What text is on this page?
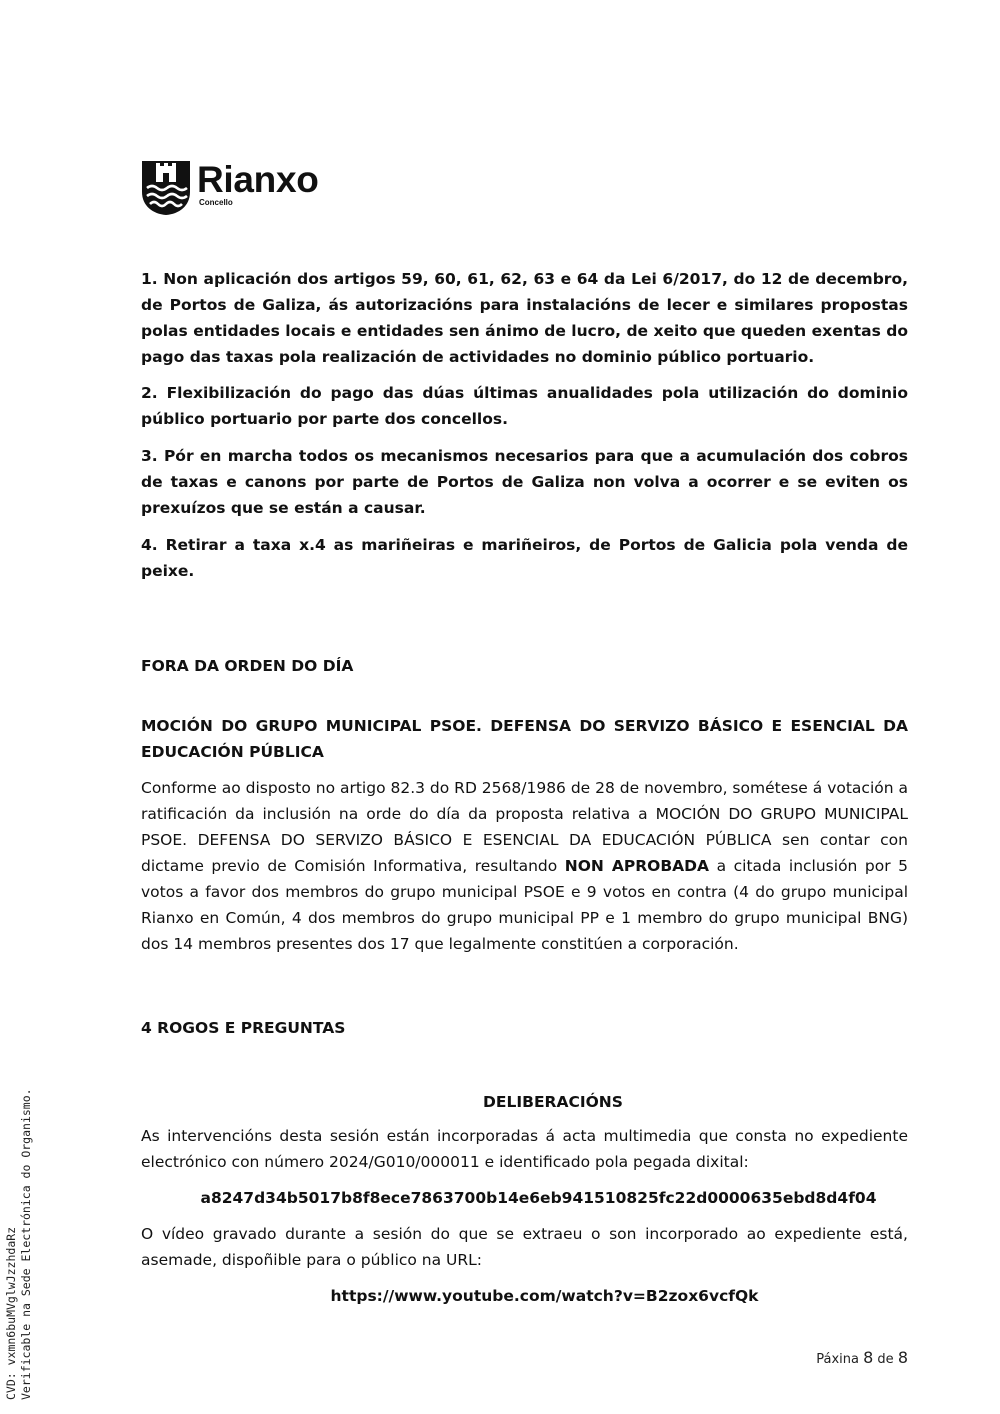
Rianxo
Concello

1. Non aplicación dos artigos 59, 60, 61, 62, 63 e 64 da Lei 6/2017, do 12 de decembro, de Portos de Galiza, ás autorizacións para instalacións de lecer e similares propostas polas entidades locais e entidades sen ánimo de lucro, de xeito que queden exentas do pago das taxas pola realización de actividades no dominio público portuario.

2. Flexibilización do pago das dúas últimas anualidades pola utilización do dominio público portuario por parte dos concellos.

3. Pór en marcha todos os mecanismos necesarios para que a acumulación dos cobros de taxas e canons por parte de Portos de Galiza non volva a ocorrer e se eviten os prexuízos que se están a causar.

4. Retirar a taxa x.4 as mariñeiras e mariñeiros, de Portos de Galicia pola venda de peixe.

FORA DA ORDEN DO DÍA

MOCIÓN DO GRUPO MUNICIPAL PSOE. DEFENSA DO SERVIZO BÁSICO E ESENCIAL DA EDUCACIÓN PÚBLICA

Conforme ao disposto no artigo 82.3 do RD 2568/1986 de 28 de novembro, sométese á votación a ratificación da inclusión na orde do día da proposta relativa a MOCIÓN DO GRUPO MUNICIPAL PSOE. DEFENSA DO SERVIZO BÁSICO E ESENCIAL DA EDUCACIÓN PÚBLICA sen contar con dictame previo de Comisión Informativa, resultando NON APROBADA a citada inclusión por 5 votos a favor dos membros do grupo municipal PSOE e 9 votos en contra (4 do grupo municipal Rianxo en Común, 4 dos membros do grupo municipal PP e 1 membro do grupo municipal BNG) dos 14 membros presentes dos 17 que legalmente constitúen a corporación.

4 ROGOS E PREGUNTAS

DELIBERACIÓNS

As intervencións desta sesión están incorporadas á acta multimedia que consta no expediente electrónico con número 2024/G010/000011 e identificado pola pegada dixital:

a8247d34b5017b8f8ece7863700b14e6eb941510825fc22d0000635ebd8d4f04

O vídeo gravado durante a sesión do que se extraeu o son incorporado ao expediente está, asemade, dispoñible para o público na URL:

https://www.youtube.com/watch?v=B2zox6vcfQk

CVD: vxmn6buMVglwJzzhdaRz Verificable na Sede Electrónica do Organismo.	Páxina 8 de 8
